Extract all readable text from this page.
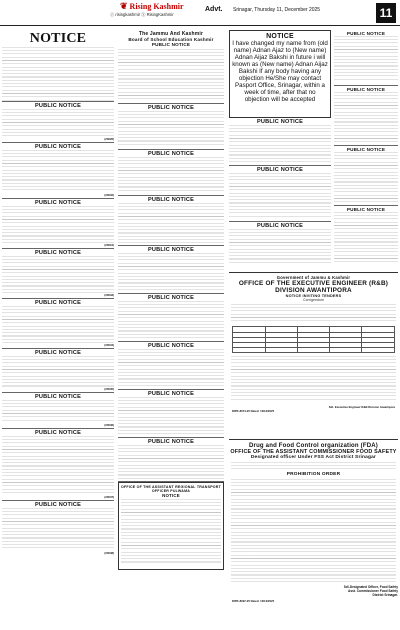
❦ Rising Kashmir
ⓕ risingkashmir ⓧ RisingKashmir
Advt. Srinagar, Thursday 11, December 2025	11
NOTICE
PUBLIC NOTICE
(23026)
PUBLIC NOTICE
(23032)
PUBLIC NOTICE
(23016)
PUBLIC NOTICE
(23033)
PUBLIC NOTICE
(23034)
PUBLIC NOTICE
(23035)
PUBLIC NOTICE
(23036)
PUBLIC NOTICE
(23037)
PUBLIC NOTICE
(23038)
The Jammu And Kashmir
Board of School Education Kashmir
PUBLIC NOTICE
PUBLIC NOTICE
PUBLIC NOTICE
PUBLIC NOTICE
PUBLIC NOTICE
PUBLIC NOTICE
PUBLIC NOTICE
PUBLIC NOTICE
PUBLIC NOTICE
OFFICE OF THE ASSISTANT REGIONAL TRANSPORT OFFICER PULWAMA
NOTICE
NOTICE
I have changed my name from (old name) Adnan Ajaz to (New name) Adnan Aijaz Bakshi in future i will known as (New name) Adnan Aijaz Bakshi If any body having any objection He/She may contact Pasport Office, Srinagar, within a week of time, after that no objection will be accepted
PUBLIC NOTICE
PUBLIC NOTICE
PUBLIC NOTICE
PUBLIC NOTICE
PUBLIC NOTICE
PUBLIC NOTICE
PUBLIC NOTICE
Government of Jammu & Kashmir
OFFICE OF THE EXECUTIVE ENGINEER (R&B) DIVISION AWANTIPORA
NOTICE INVITING TENDERS
Corrigendum

Sd/- Executive Engineer R&B Division Awantipora
DIPK-8074-25 Dated: 10/12/2025
Drug and Food Control organization (FDA)
OFFICE OF THE ASSISTANT COMMISSIONER FOOD SAFETY
Designated officer Under FSS Act District Srinagar
PROHIBITION ORDER
Sd/-Designated Officer, Food Safety Asst. Commissioner Food Safety District Srinagar.
DIPK-8097-25 Dated: 10/12/2025
